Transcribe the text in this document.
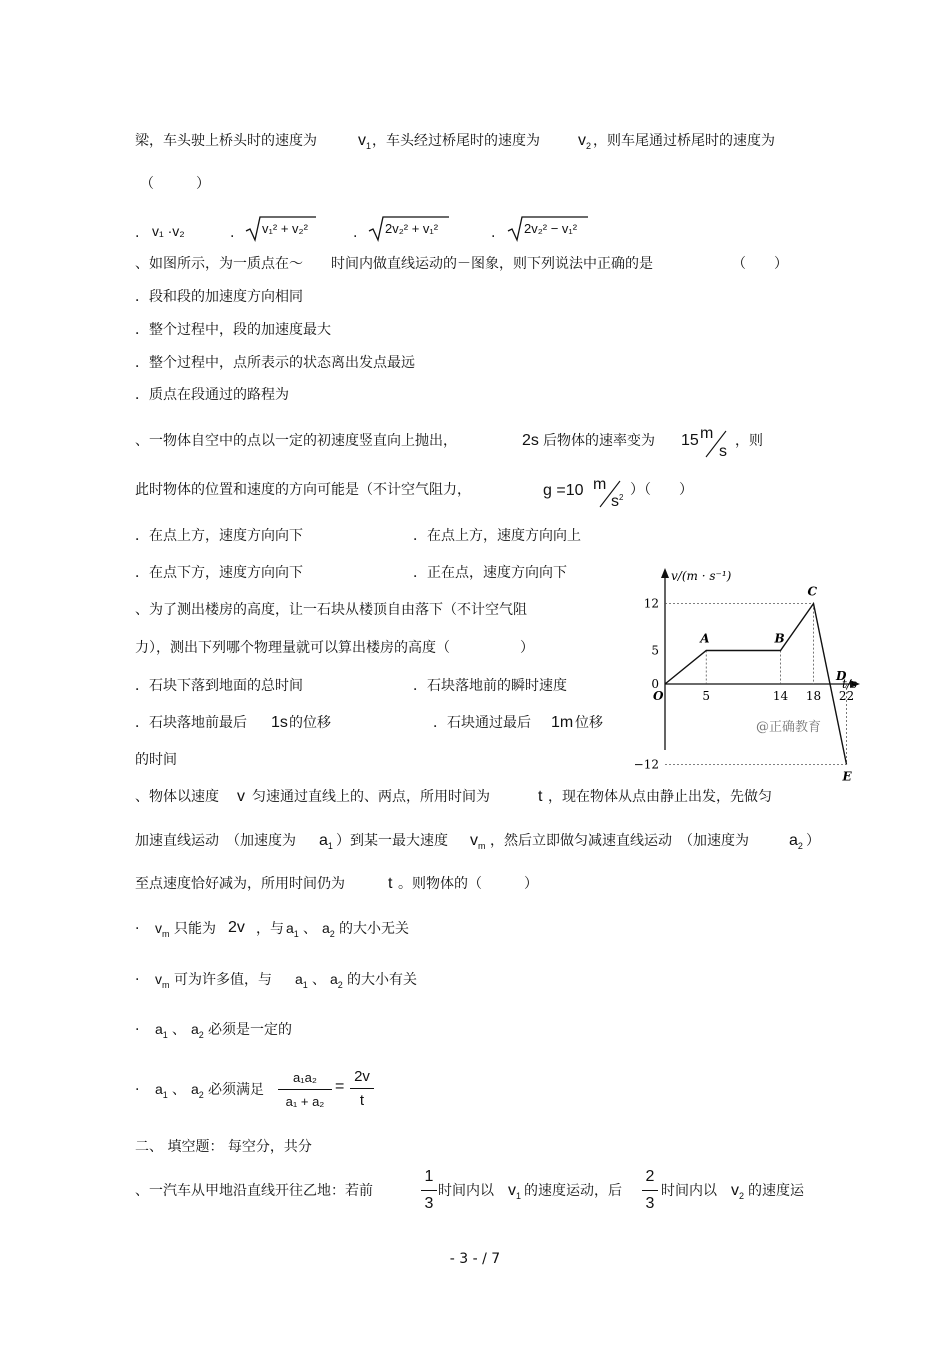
梁，车头驶上桥头时的速度为	$v_1$ ，车头经过桥尾时的速度为 $v_2$ ，则车尾通过桥尾时的速度为
（　　　）
. v₁ ·v₂	. v₁² + v₂²	. 2v₂² + v₁²	. 2v₂² − v₁²
、如图所示，为一质点在～　　时间内做直线运动的－图象，则下列说法中正确的是	（　　）
．段和段的加速度方向相同
．整个过程中，段的加速度最大
．整个过程中，点所表示的状态离出发点最远
．质点在段通过的路程为
、一物体自空中的点以一定的初速度竖直向上抛出，	2s 后物体的速率变为 15 m
s
，则
此时物体的位置和速度的方向可能是（不计空气阻力，	g =10 m
$s^2$ ）（　　）
．在点上方，速度方向向下	．在点上方，速度方向向上
．在点下方，速度方向向下	．正在点，速度方向向下
、为了测出楼房的高度，让一石块从楼顶自由落下（不计空气阻
力），测出下列哪个物理量就可以算出楼房的高度（　　　　　）
．石块下落到地面的总时间	．石块落地前的瞬时速度
．石块落地前最后 1s 的位移	．石块通过最后 1m 位移
的时间
、物体以速度 v 匀速通过直线上的、两点，所用时间为	t ，现在物体从点由静止出发，先做匀
加速直线运动　（加速度为 $a_1$ ）到某一最大速度 $v_m$ ，然后立即做匀减速直线运动　（加速度为	$a_2$ ）
至点速度恰好减为，所用时间仍为	t 。则物体的（　　　）
· $v_m$ 只能为 2v ，与 $a_1$ 、 $a_2$ 的大小无关
· $v_m$ 可为许多值，与 $a_1$ 、 $a_2$ 的大小有关
· $a_1$ 、 $a_2$ 必须是一定的
· $a_1$ 、 $a_2$ 必须满足
a₁a₂
a₁ + a₂
=
2v
t
二、 填空题： 每空分，共分
、一汽车从甲地沿直线开往乙地：若前
1
3
时间内以 $v_1$ 的速度运动，后
2
3
时间内以 $v_2$ 的速度运
v/(m · s⁻¹)
t/s
12
5
0
−12
5	14 18 22
O
A	B
C
D
E
@正确教育
- 3 - / 7
